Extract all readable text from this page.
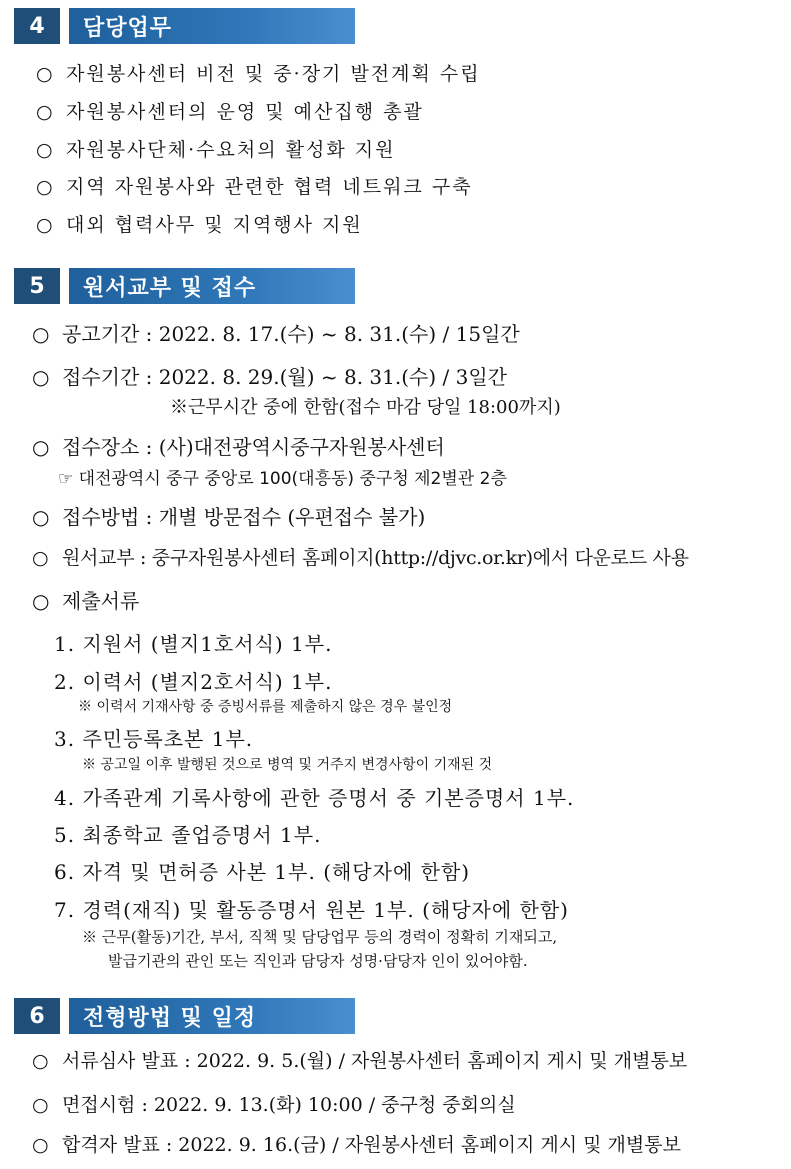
4	담당업무
○ 자원봉사센터 비전 및 중·장기 발전계획 수립
○ 자원봉사센터의 운영 및 예산집행 총괄
○ 자원봉사단체·수요처의 활성화 지원
○ 지역 자원봉사와 관련한 협력 네트워크 구축
○ 대외 협력사무 및 지역행사 지원
5	원서교부 및 접수
○ 공고기간 : 2022. 8. 17.(수) ~ 8. 31.(수) / 15일간
○ 접수기간 : 2022. 8. 29.(월) ~ 8. 31.(수) / 3일간
※근무시간 중에 한함(접수 마감 당일 18:00까지)
○ 접수장소 : (사)대전광역시중구자원봉사센터
☞ 대전광역시 중구 중앙로 100(대흥동) 중구청 제2별관 2층
○ 접수방법 : 개별 방문접수 (우편접수 불가)
○ 원서교부 : 중구자원봉사센터 홈페이지(http://djvc.or.kr)에서 다운로드 사용
○ 제출서류
1. 지원서 (별지1호서식) 1부.
2. 이력서 (별지2호서식) 1부.
※ 이력서 기재사항 중 증빙서류를 제출하지 않은 경우 불인정
3. 주민등록초본 1부.
※ 공고일 이후 발행된 것으로 병역 및 거주지 변경사항이 기재된 것
4. 가족관계 기록사항에 관한 증명서 중 기본증명서 1부.
5. 최종학교 졸업증명서 1부.
6. 자격 및 면허증 사본 1부. (해당자에 한함)
7. 경력(재직) 및 활동증명서 원본 1부. (해당자에 한함)
※ 근무(활동)기간, 부서, 직책 및 담당업무 등의 경력이 정확히 기재되고,
발급기관의 관인 또는 직인과 담당자 성명·담당자 인이 있어야함.
6	전형방법 및 일정
○ 서류심사 발표 : 2022. 9. 5.(월) / 자원봉사센터 홈페이지 게시 및 개별통보
○ 면접시험 : 2022. 9. 13.(화) 10:00 / 중구청 중회의실
○ 합격자 발표 : 2022. 9. 16.(금) / 자원봉사센터 홈페이지 게시 및 개별통보
